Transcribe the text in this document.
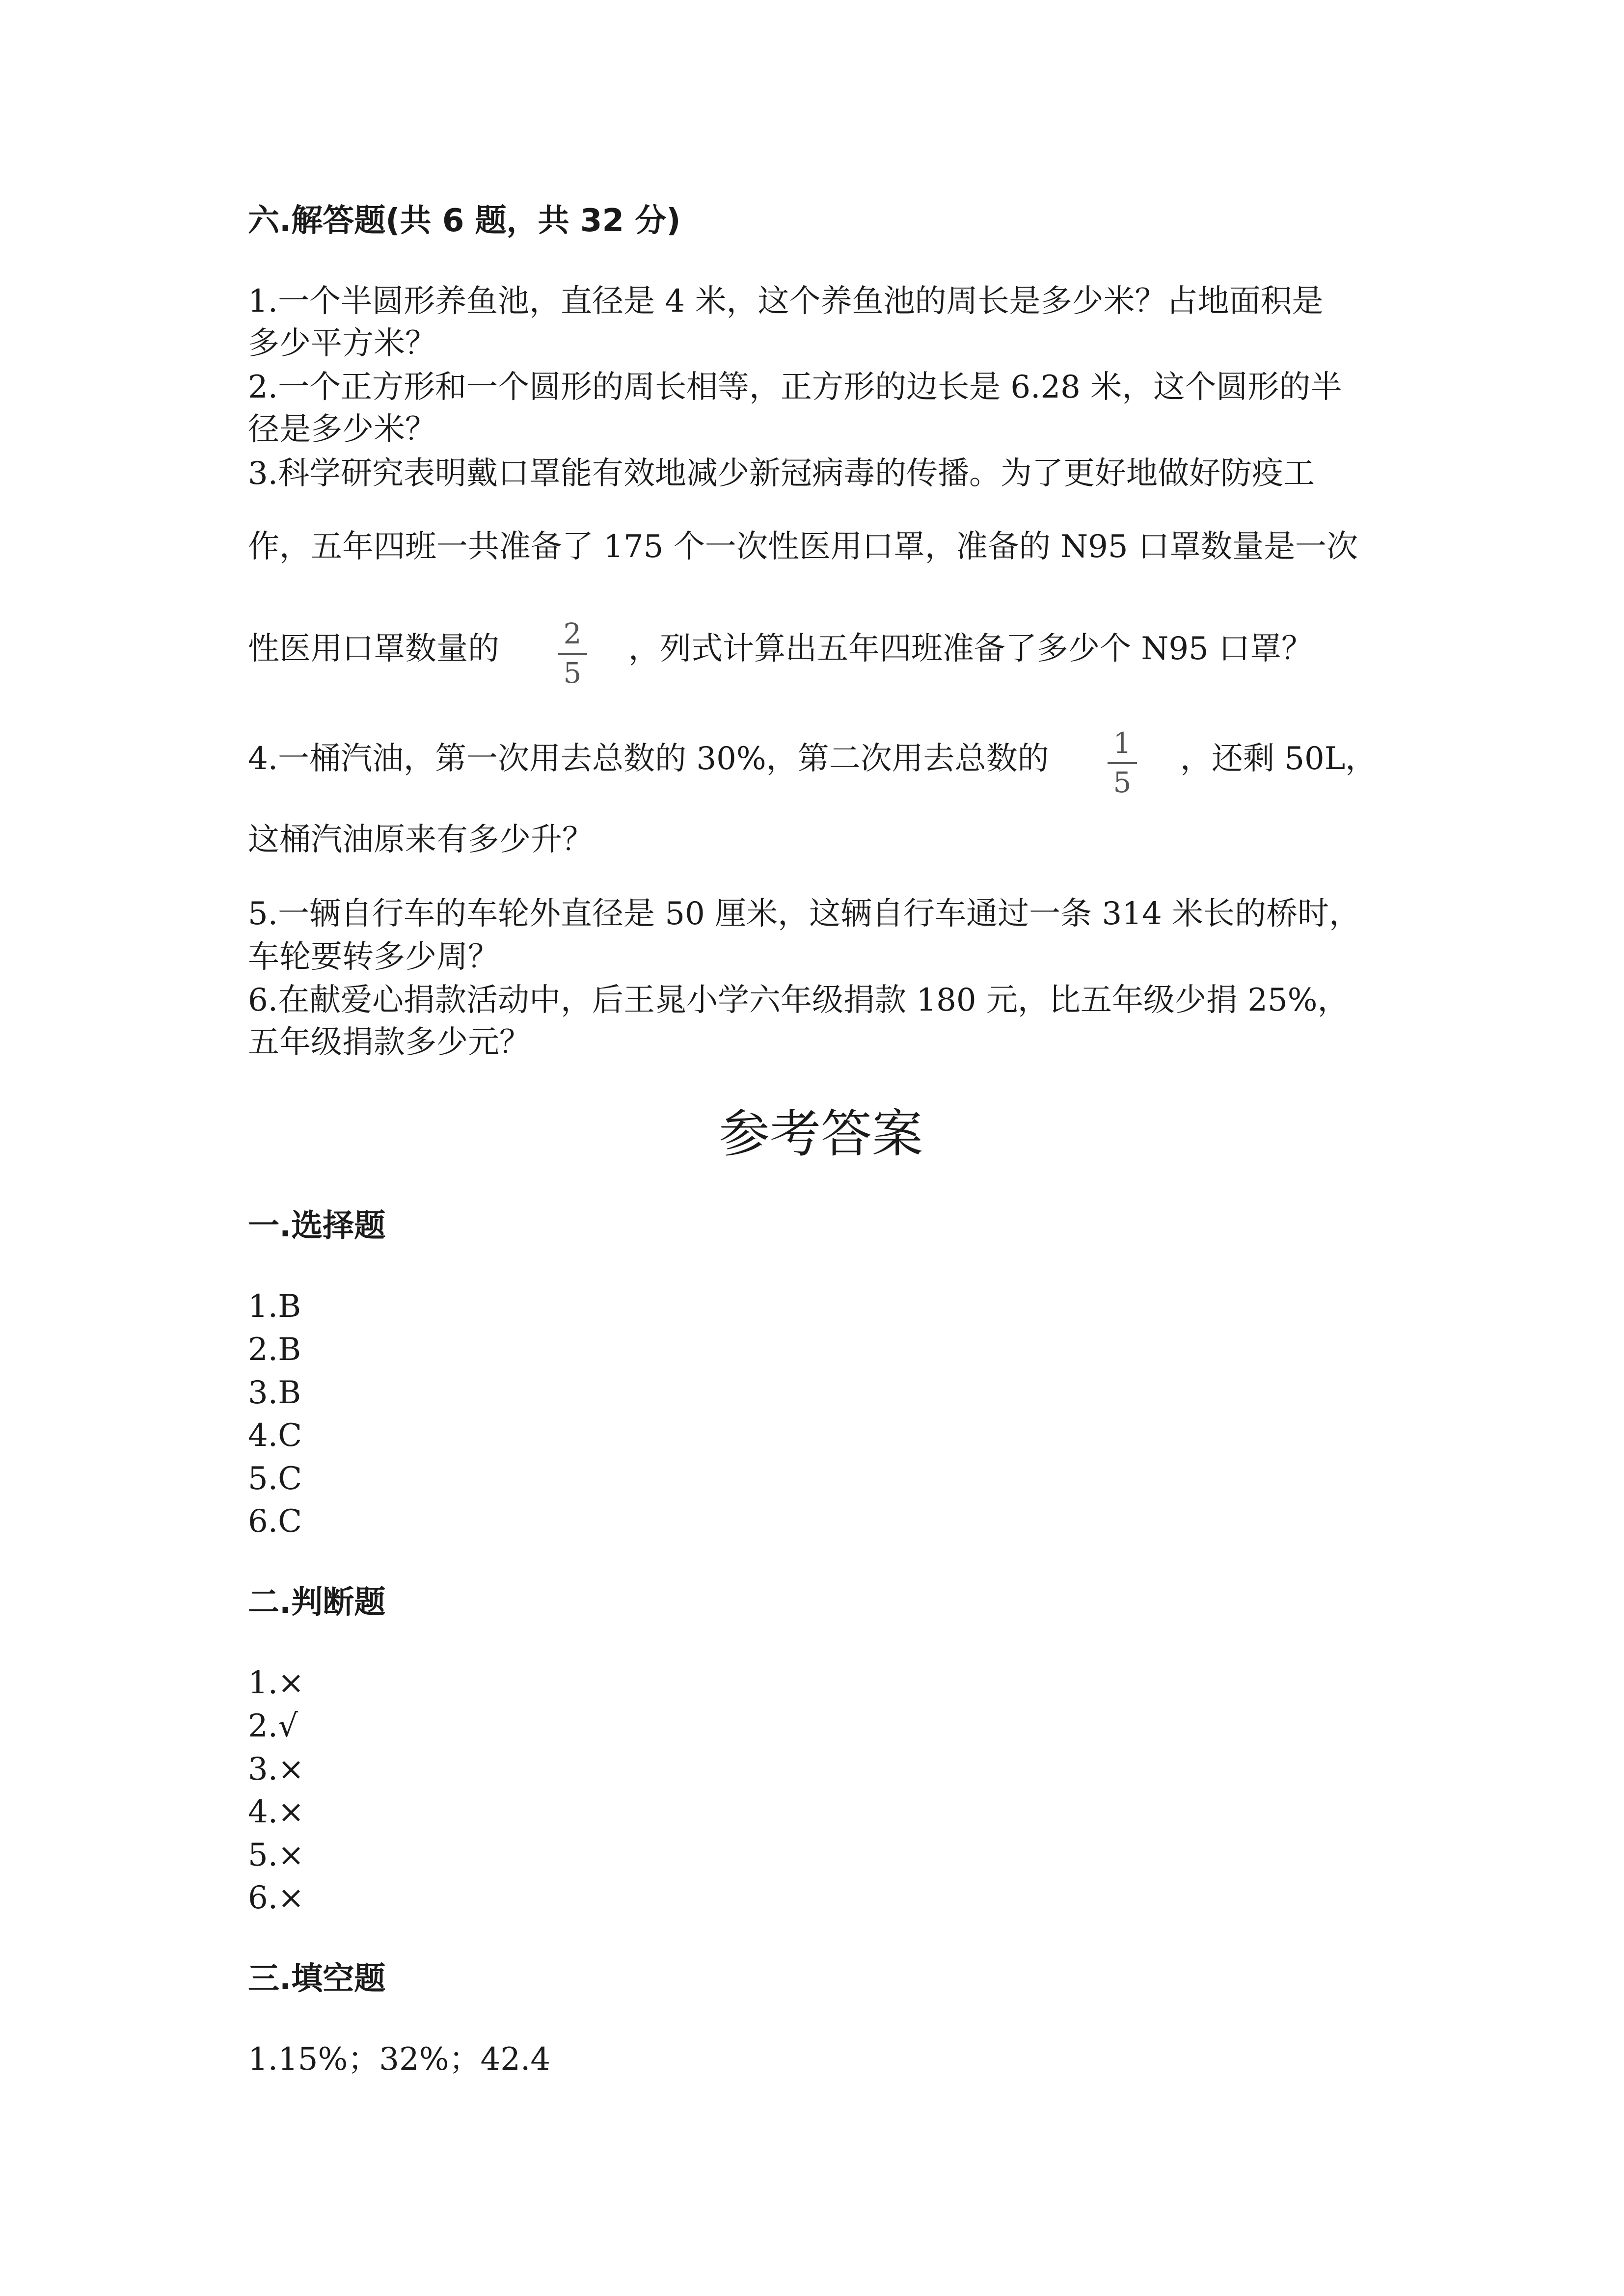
六.解答题(共 6 题，共 32 分)
1.一个半圆形养鱼池，直径是 4 米，这个养鱼池的周长是多少米？占地面积是
多少平方米？
2.一个正方形和一个圆形的周长相等，正方形的边长是 6.28 米，这个圆形的半
径是多少米？
3.科学研究表明戴口罩能有效地减少新冠病毒的传播。为了更好地做好防疫工
作，五年四班一共准备了 175 个一次性医用口罩，准备的 N95 口罩数量是一次
性医用口罩数量的 2
5
，列式计算出五年四班准备了多少个 N95 口罩？
4.一桶汽油，第一次用去总数的 30%，第二次用去总数的 1
5
，还剩 50L，
这桶汽油原来有多少升？
5.一辆自行车的车轮外直径是 50 厘米，这辆自行车通过一条 314 米长的桥时，
车轮要转多少周？
6.在献爱心捐款活动中，后王晁小学六年级捐款 180 元，比五年级少捐 25%，
五年级捐款多少元？
参考答案
一.选择题
1.B
2.B
3.B
4.C
5.C
6.C
二.判断题
1.×
2.√
3.×
4.×
5.×
6.×
三.填空题
1.15%；32%；42.4
